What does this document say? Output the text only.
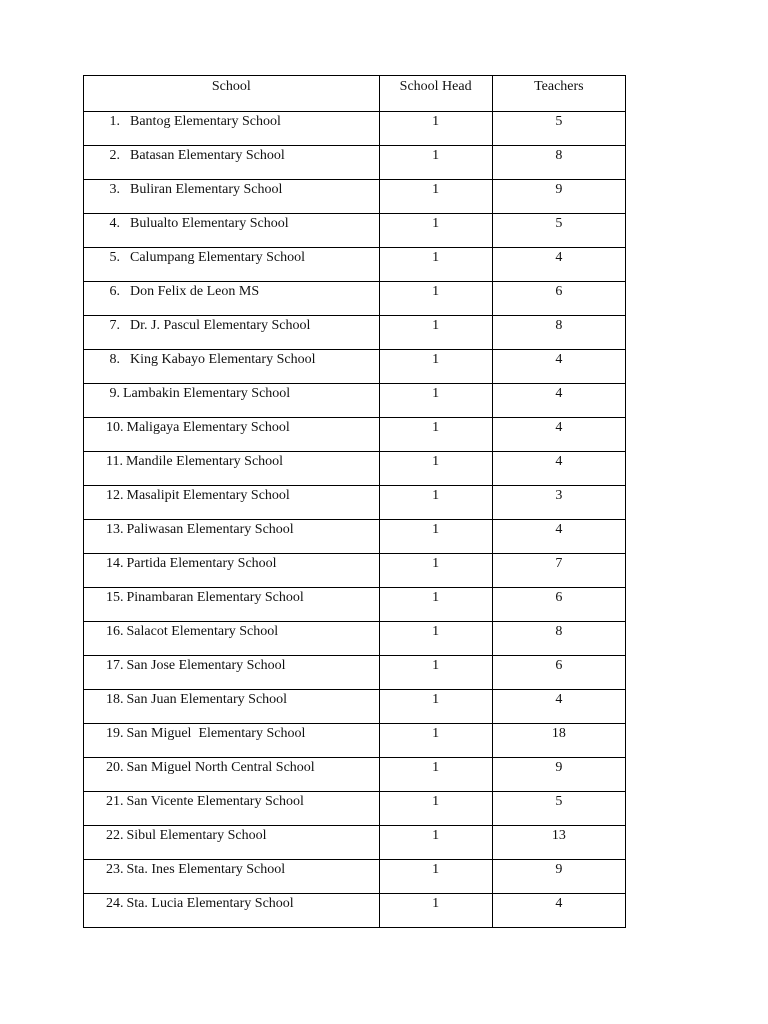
School	School Head	Teachers

1. Bantog Elementary School	1	5

2. Batasan Elementary School	1	8

3. Buliran Elementary School	1	9

4. Bulualto Elementary School	1	5

5. Calumpang Elementary School	1	4

6. Don Felix de Leon MS	1	6

7. Dr. J. Pascul Elementary School	1	8

8. King Kabayo Elementary School	1	4

9. Lambakin Elementary School	1	4

10. Maligaya Elementary School	1	4

11. Mandile Elementary School	1	4

12. Masalipit Elementary School	1	3

13. Paliwasan Elementary School	1	4

14. Partida Elementary School	1	7

15. Pinambaran Elementary School	1	6

16. Salacot Elementary School	1	8

17. San Jose Elementary School	1	6

18. San Juan Elementary School	1	4

19. San Miguel  Elementary School	1	18

20. San Miguel North Central School	1	9

21. San Vicente Elementary School	1	5

22. Sibul Elementary School	1	13

23. Sta. Ines Elementary School	1	9

24. Sta. Lucia Elementary School	1	4
